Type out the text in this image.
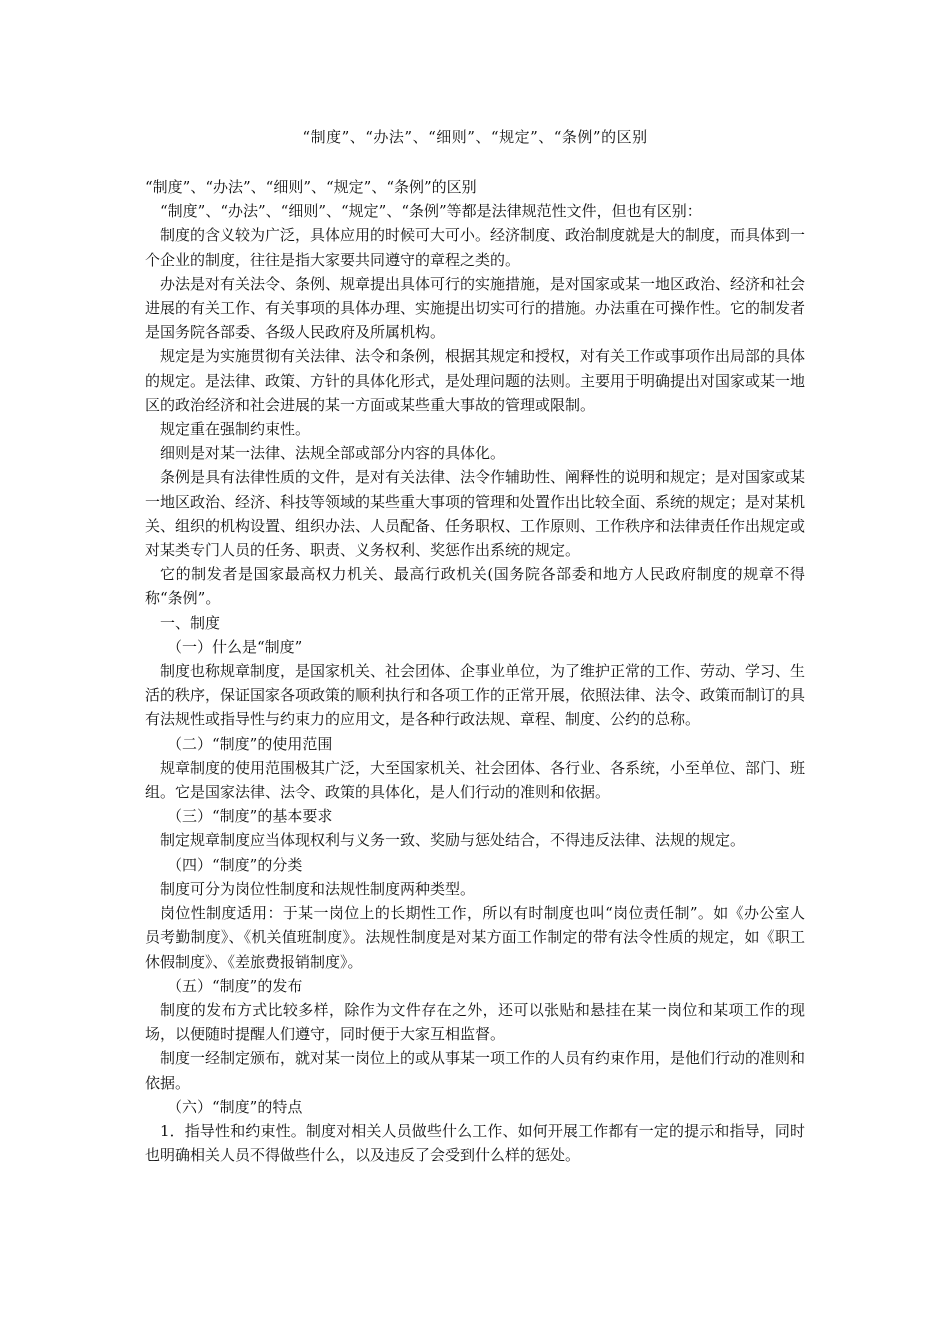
“制度”、“办法”、“细则”、“规定”、“条例”的区别

“制度”、“办法”、“细则”、“规定”、“条例”的区别

“制度”、“办法”、“细则”、“规定”、“条例”等都是法律规范性文件，但也有区别：

制度的含义较为广泛，具体应用的时候可大可小。经济制度、政治制度就是大的制度，而具体到一个企业的制度，往往是指大家要共同遵守的章程之类的。

办法是对有关法令、条例、规章提出具体可行的实施措施，是对国家或某一地区政治、经济和社会进展的有关工作、有关事项的具体办理、实施提出切实可行的措施。办法重在可操作性。它的制发者是国务院各部委、各级人民政府及所属机构。

规定是为实施贯彻有关法律、法令和条例，根据其规定和授权，对有关工作或事项作出局部的具体的规定。是法律、政策、方针的具体化形式，是处理问题的法则。主要用于明确提出对国家或某一地区的政治经济和社会进展的某一方面或某些重大事故的管理或限制。

规定重在强制约束性。

细则是对某一法律、法规全部或部分内容的具体化。

条例是具有法律性质的文件，是对有关法律、法令作辅助性、阐释性的说明和规定；是对国家或某一地区政治、经济、科技等领域的某些重大事项的管理和处置作出比较全面、系统的规定；是对某机关、组织的机构设置、组织办法、人员配备、任务职权、工作原则、工作秩序和法律责任作出规定或对某类专门人员的任务、职责、义务权利、奖惩作出系统的规定。

它的制发者是国家最高权力机关、最高行政机关(国务院各部委和地方人民政府制度的规章不得称“条例”。

一、制度

（一）什么是“制度”

制度也称规章制度，是国家机关、社会团体、企事业单位，为了维护正常的工作、劳动、学习、生活的秩序，保证国家各项政策的顺利执行和各项工作的正常开展，依照法律、法令、政策而制订的具有法规性或指导性与约束力的应用文，是各种行政法规、章程、制度、公约的总称。

（二）“制度”的使用范围

规章制度的使用范围极其广泛，大至国家机关、社会团体、各行业、各系统，小至单位、部门、班组。它是国家法律、法令、政策的具体化，是人们行动的准则和依据。

（三）“制度”的基本要求

制定规章制度应当体现权利与义务一致、奖励与惩处结合，不得违反法律、法规的规定。

（四）“制度”的分类

制度可分为岗位性制度和法规性制度两种类型。

岗位性制度适用：于某一岗位上的长期性工作，所以有时制度也叫“岗位责任制”。如《办公室人员考勤制度》、《机关值班制度》。法规性制度是对某方面工作制定的带有法令性质的规定，如《职工休假制度》、《差旅费报销制度》。

（五）“制度”的发布

制度的发布方式比较多样，除作为文件存在之外，还可以张贴和悬挂在某一岗位和某项工作的现场，以便随时提醒人们遵守，同时便于大家互相监督。

制度一经制定颁布，就对某一岗位上的或从事某一项工作的人员有约束作用，是他们行动的准则和依据。

（六）“制度”的特点

1．指导性和约束性。制度对相关人员做些什么工作、如何开展工作都有一定的提示和指导，同时也明确相关人员不得做些什么，以及违反了会受到什么样的惩处。
